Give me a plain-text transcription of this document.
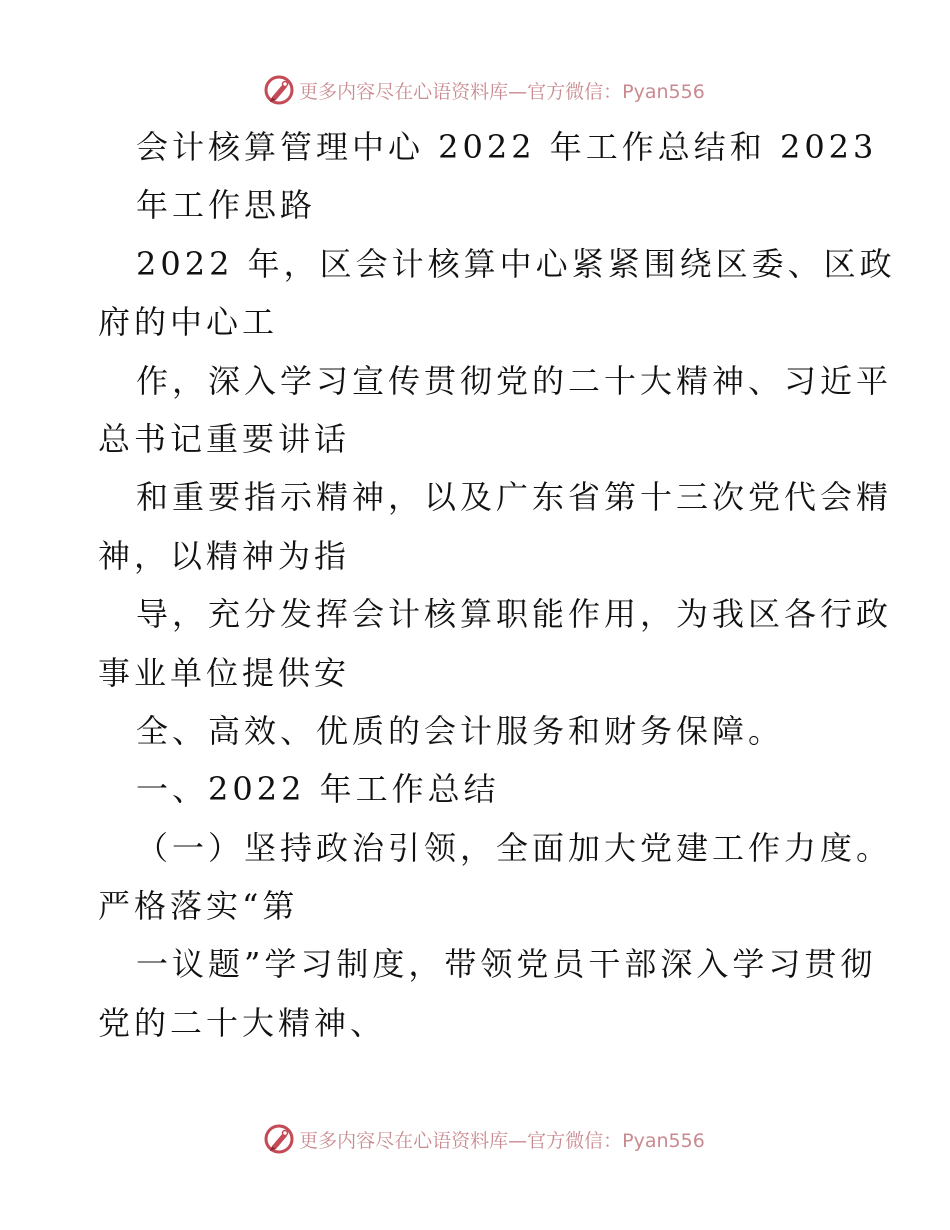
更多内容尽在心语资料库—官方微信：Pyan556
会计核算管理中心 2022 年工作总结和 2023
年工作思路
2022 年，区会计核算中心紧紧围绕区委、区政
府的中心工
作，深入学习宣传贯彻党的二十大精神、习近平
总书记重要讲话
和重要指示精神，以及广东省第十三次党代会精
神，以精神为指
导，充分发挥会计核算职能作用，为我区各行政
事业单位提供安
全、高效、优质的会计服务和财务保障。
一、2022 年工作总结
（一）坚持政治引领，全面加大党建工作力度。
严格落实“第
一议题”学习制度，带领党员干部深入学习贯彻
党的二十大精神、
更多内容尽在心语资料库—官方微信：Pyan556
